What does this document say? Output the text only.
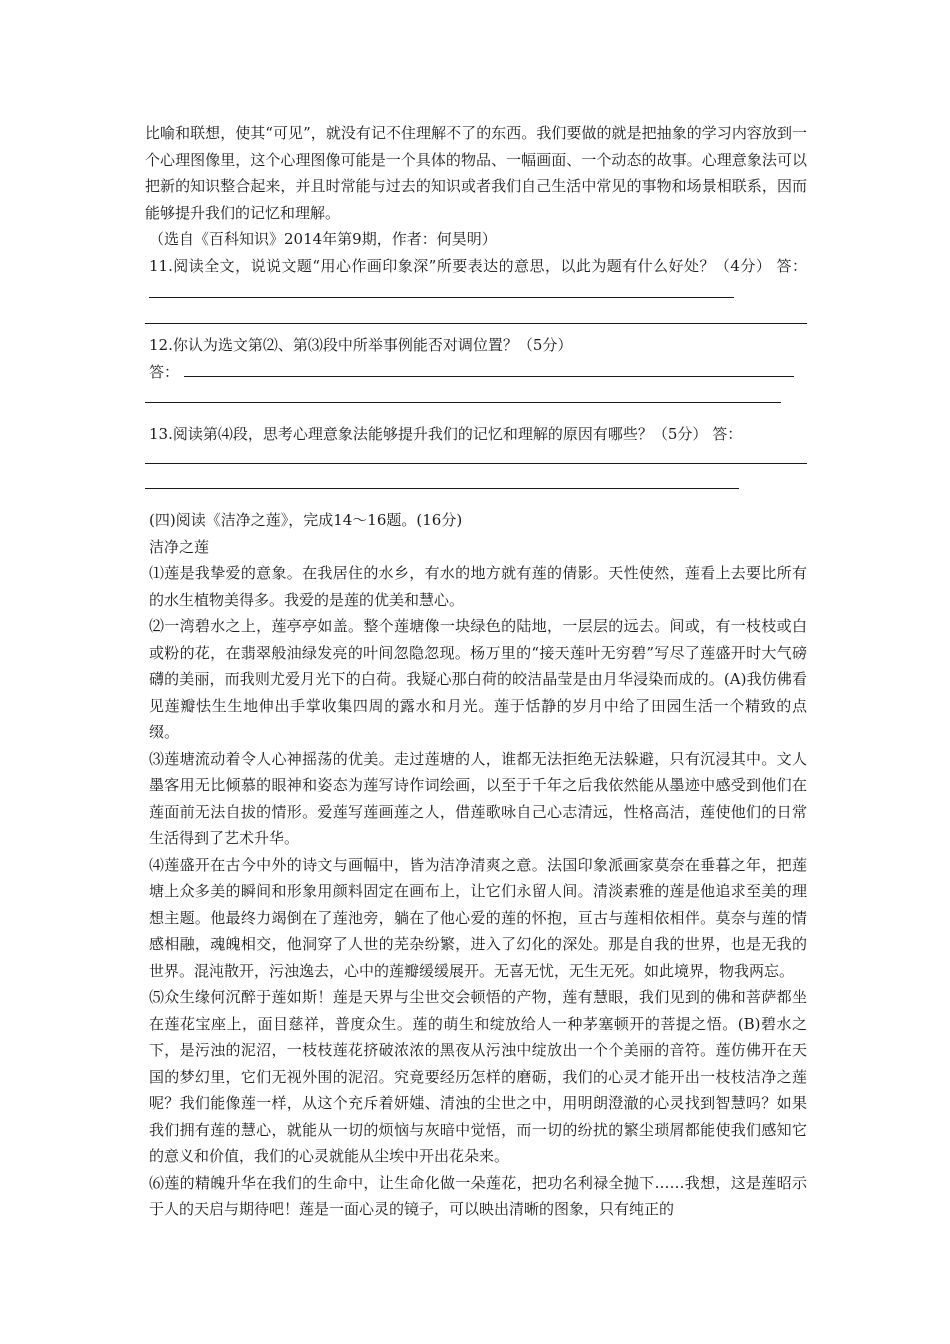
比喻和联想，使其“可见”，就没有记不住理解不了的东西。我们要做的就是把抽象的学习内容放到一个心理图像里，这个心理图像可能是一个具体的物品、一幅画面、一个动态的故事。心理意象法可以把新的知识整合起来，并且时常能与过去的知识或者我们自己生活中常见的事物和场景相联系，因而能够提升我们的记忆和理解。

（选自《百科知识》2014年第9期，作者：何昊明）

11.阅读全文，说说文题“用心作画印象深”所要表达的意思，以此为题有什么好处？（4分） 答：

12.你认为选文第⑵、第⑶段中所举事例能否对调位置？（5分）

答：

13.阅读第⑷段，思考心理意象法能够提升我们的记忆和理解的原因有哪些？（5分） 答：

(四)阅读《洁净之莲》，完成14～16题。(16分)

洁净之莲

⑴莲是我挚爱的意象。在我居住的水乡，有水的地方就有莲的倩影。天性使然，莲看上去要比所有的水生植物美得多。我爱的是莲的优美和慧心。

⑵一湾碧水之上，莲亭亭如盖。整个莲塘像一块绿色的陆地，一层层的远去。间或，有一枝枝或白或粉的花，在翡翠般油绿发亮的叶间忽隐忽现。杨万里的“接天莲叶无穷碧”写尽了莲盛开时大气磅礴的美丽，而我则尤爱月光下的白荷。我疑心那白荷的皎洁晶莹是由月华浸染而成的。(A)我仿佛看见莲瓣怯生生地伸出手掌收集四周的露水和月光。莲于恬静的岁月中给了田园生活一个精致的点缀。

⑶莲塘流动着令人心神摇荡的优美。走过莲塘的人，谁都无法拒绝无法躲避，只有沉浸其中。文人墨客用无比倾慕的眼神和姿态为莲写诗作词绘画，以至于千年之后我依然能从墨迹中感受到他们在莲面前无法自拔的情形。爱莲写莲画莲之人，借莲歌咏自己心志清远，性格高洁，莲使他们的日常生活得到了艺术升华。

⑷莲盛开在古今中外的诗文与画幅中，皆为洁净清爽之意。法国印象派画家莫奈在垂暮之年，把莲塘上众多美的瞬间和形象用颜料固定在画布上，让它们永留人间。清淡素雅的莲是他追求至美的理想主题。他最终力竭倒在了莲池旁，躺在了他心爱的莲的怀抱，亘古与莲相依相伴。莫奈与莲的情感相融，魂魄相交，他洞穿了人世的芜杂纷繁，进入了幻化的深处。那是自我的世界，也是无我的世界。混沌散开，污浊逸去，心中的莲瓣缓缓展开。无喜无忧，无生无死。如此境界，物我两忘。

⑸众生缘何沉醉于莲如斯！莲是天界与尘世交会顿悟的产物，莲有慧眼，我们见到的佛和菩萨都坐在莲花宝座上，面目慈祥，普度众生。莲的萌生和绽放给人一种茅塞顿开的菩提之悟。(B)碧水之下，是污浊的泥沼，一枝枝莲花挤破浓浓的黑夜从污浊中绽放出一个个美丽的音符。莲仿佛开在天国的梦幻里，它们无视外围的泥沼。究竟要经历怎样的磨砺，我们的心灵才能开出一枝枝洁净之莲呢？我们能像莲一样，从这个充斥着妍媸、清浊的尘世之中，用明朗澄澈的心灵找到智慧吗？如果我们拥有莲的慧心，就能从一切的烦恼与灰暗中觉悟，而一切的纷扰的繁尘琐屑都能使我们感知它的意义和价值，我们的心灵就能从尘埃中开出花朵来。

⑹莲的精魄升华在我们的生命中，让生命化做一朵莲花，把功名利禄全抛下……我想，这是莲昭示于人的天启与期待吧！莲是一面心灵的镜子，可以映出清晰的图象，只有纯正的
